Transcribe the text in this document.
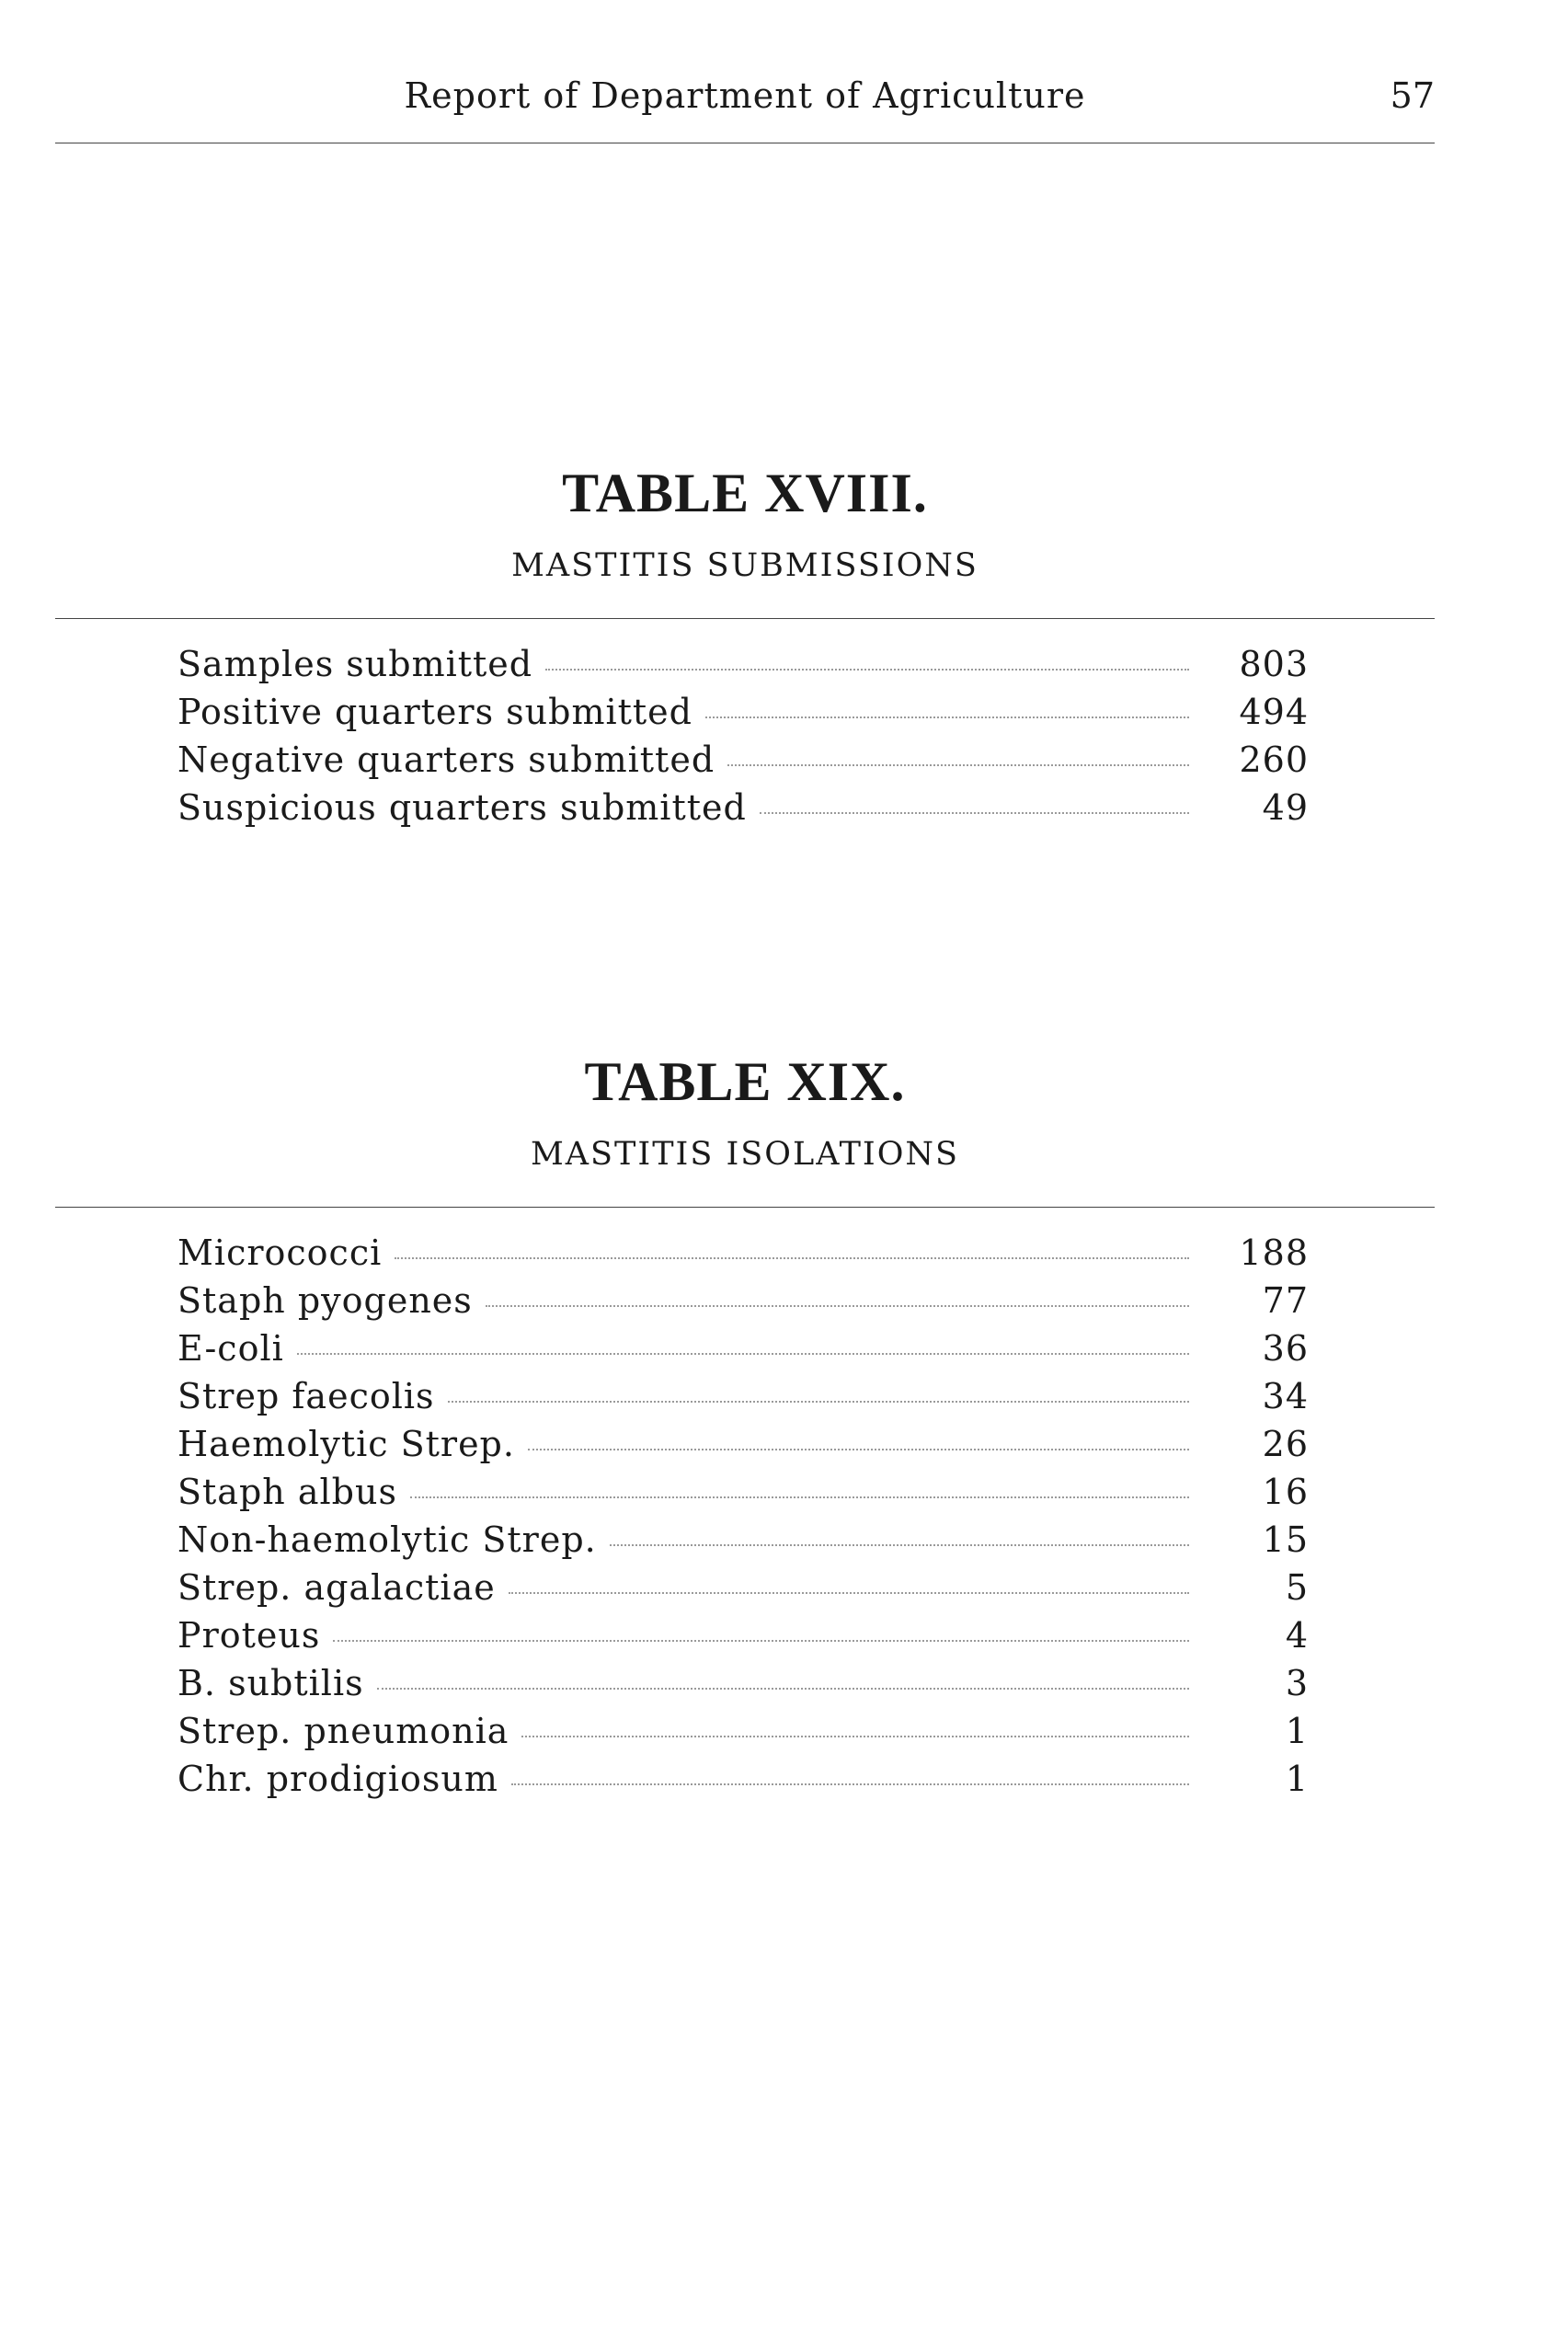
Report of Department of Agriculture	57
TABLE XVIII.
MASTITIS SUBMISSIONS
Samples submitted	803
Positive quarters submitted	494
Negative quarters submitted	260
Suspicious quarters submitted	49
TABLE XIX.
MASTITIS ISOLATIONS
Micrococci	188
Staph pyogenes	77
E-coli	36
Strep faecolis	34
Haemolytic Strep.	26
Staph albus	16
Non-haemolytic Strep.	15
Strep. agalactiae	5
Proteus	4
B. subtilis	3
Strep. pneumonia	1
Chr. prodigiosum	1
